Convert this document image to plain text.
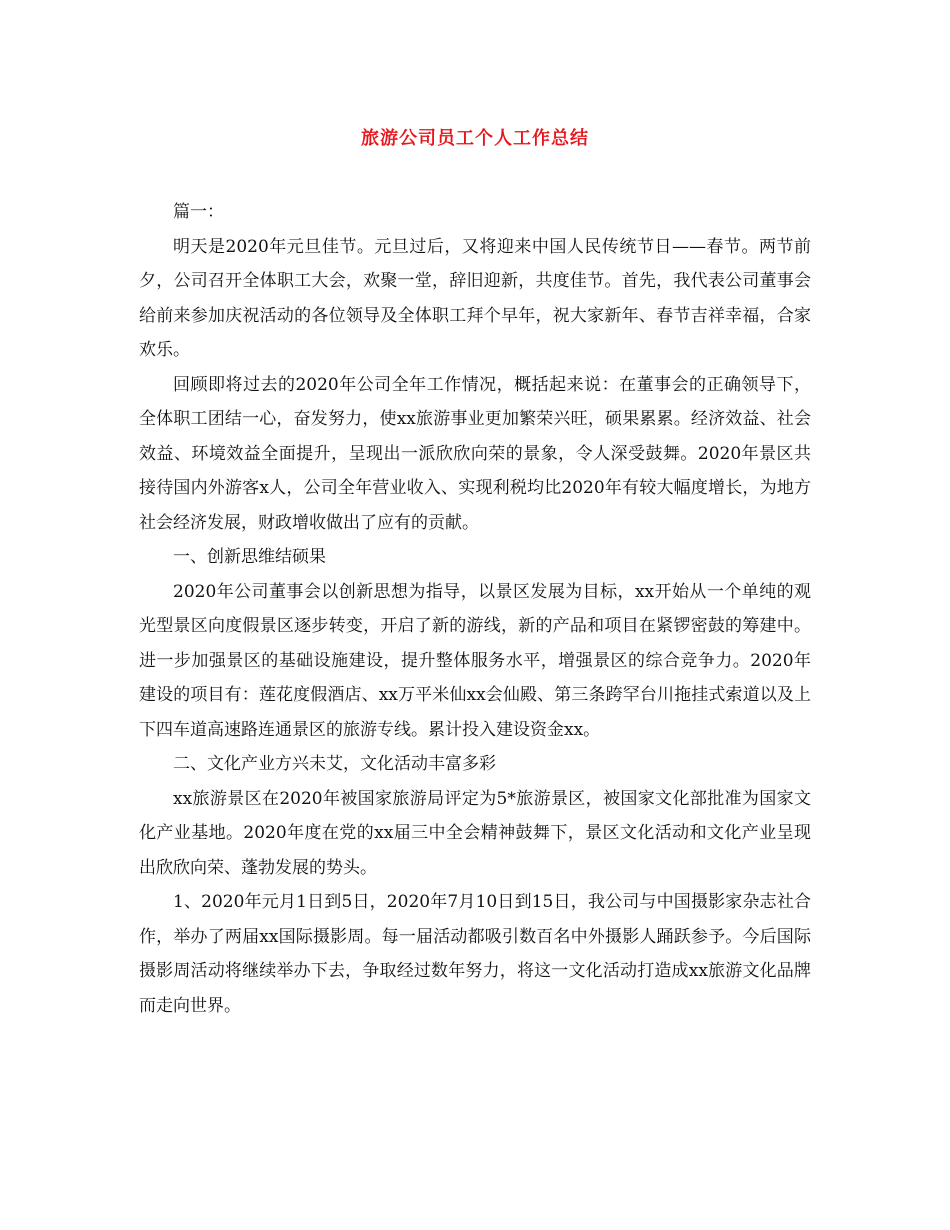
旅游公司员工个人工作总结

篇一：

明天是2020年元旦佳节。元旦过后，又将迎来中国人民传统节日——春节。两节前夕，公司召开全体职工大会，欢聚一堂，辞旧迎新，共度佳节。首先，我代表公司董事会给前来参加庆祝活动的各位领导及全体职工拜个早年，祝大家新年、春节吉祥幸福，合家欢乐。

回顾即将过去的2020年公司全年工作情况，概括起来说：在董事会的正确领导下，全体职工团结一心，奋发努力，使xx旅游事业更加繁荣兴旺，硕果累累。经济效益、社会效益、环境效益全面提升，呈现出一派欣欣向荣的景象，令人深受鼓舞。2020年景区共接待国内外游客x人，公司全年营业收入、实现利税均比2020年有较大幅度增长，为地方社会经济发展，财政增收做出了应有的贡献。

一、创新思维结硕果

2020年公司董事会以创新思想为指导，以景区发展为目标，xx开始从一个单纯的观光型景区向度假景区逐步转变，开启了新的游线，新的产品和项目在紧锣密鼓的筹建中。进一步加强景区的基础设施建设，提升整体服务水平，增强景区的综合竞争力。2020年建设的项目有：莲花度假酒店、xx万平米仙xx会仙殿、第三条跨罕台川拖挂式索道以及上下四车道高速路连通景区的旅游专线。累计投入建设资金xx。

二、文化产业方兴未艾，文化活动丰富多彩

xx旅游景区在2020年被国家旅游局评定为5*旅游景区，被国家文化部批准为国家文化产业基地。2020年度在党的xx届三中全会精神鼓舞下，景区文化活动和文化产业呈现出欣欣向荣、蓬勃发展的势头。

1、2020年元月1日到5日，2020年7月10日到15日，我公司与中国摄影家杂志社合作，举办了两届xx国际摄影周。每一届活动都吸引数百名中外摄影人踊跃参予。今后国际摄影周活动将继续举办下去，争取经过数年努力，将这一文化活动打造成xx旅游文化品牌而走向世界。
